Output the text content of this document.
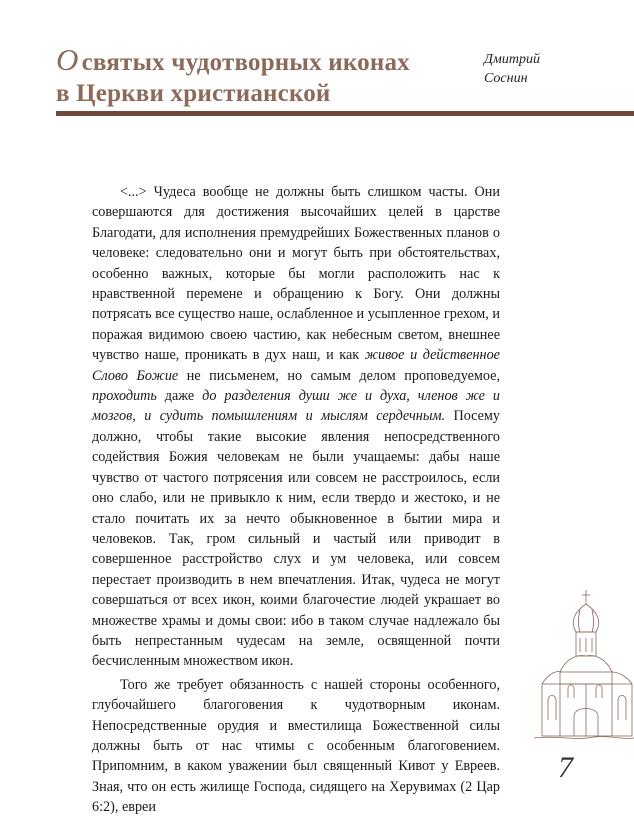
О святых чудотворных иконах
в Церкви христианской
Дмитрий
Соснин

<...> Чудеса вообще не должны быть слишком часты. Они совершаются для достижения высочайших целей в царстве Благодати, для исполнения премудрейших Божественных планов о человеке: следовательно они и могут быть при обстоятельствах, особенно важных, которые бы могли расположить нас к нравственной перемене и обращению к Богу. Они должны потрясать все существо наше, ослабленное и усыпленное грехом, и поражая видимою своею частию, как небесным светом, внешнее чувство наше, проникать в дух наш, и как живое и действенное Слово Божие не письменем, но самым делом проповедуемое, проходить даже до разделения души же и духа, членов же и мозгов, и судить помышлениям и мыслям сердечным. Посему должно, чтобы такие высокие явления непосредственного содействия Божия человекам не были учащаемы: дабы наше чувство от частого потрясения или совсем не расстроилось, если оно слабо, или не привыкло к ним, если твердо и жестоко, и не стало почитать их за нечто обыкновенное в бытии мира и человеков. Так, гром сильный и частый или приводит в совершенное расстройство слух и ум человека, или совсем перестает производить в нем впечатления. Итак, чудеса не могут совершаться от всех икон, коими благочестие людей украшает во множестве храмы и домы свои: ибо в таком случае надлежало бы быть непрестанным чудесам на земле, освященной почти бесчисленным множеством икон.

Того же требует обязанность с нашей стороны особенного, глубочайшего благоговения к чудотворным иконам. Непосредственные орудия и вместилища Божественной силы должны быть от нас чтимы с особенным благоговением. Припомним, в каком уважении был священный Кивот у Евреев. Зная, что он есть жилище Господа, сидящего на Херувимах (2 Цар 6:2), евреи

7
